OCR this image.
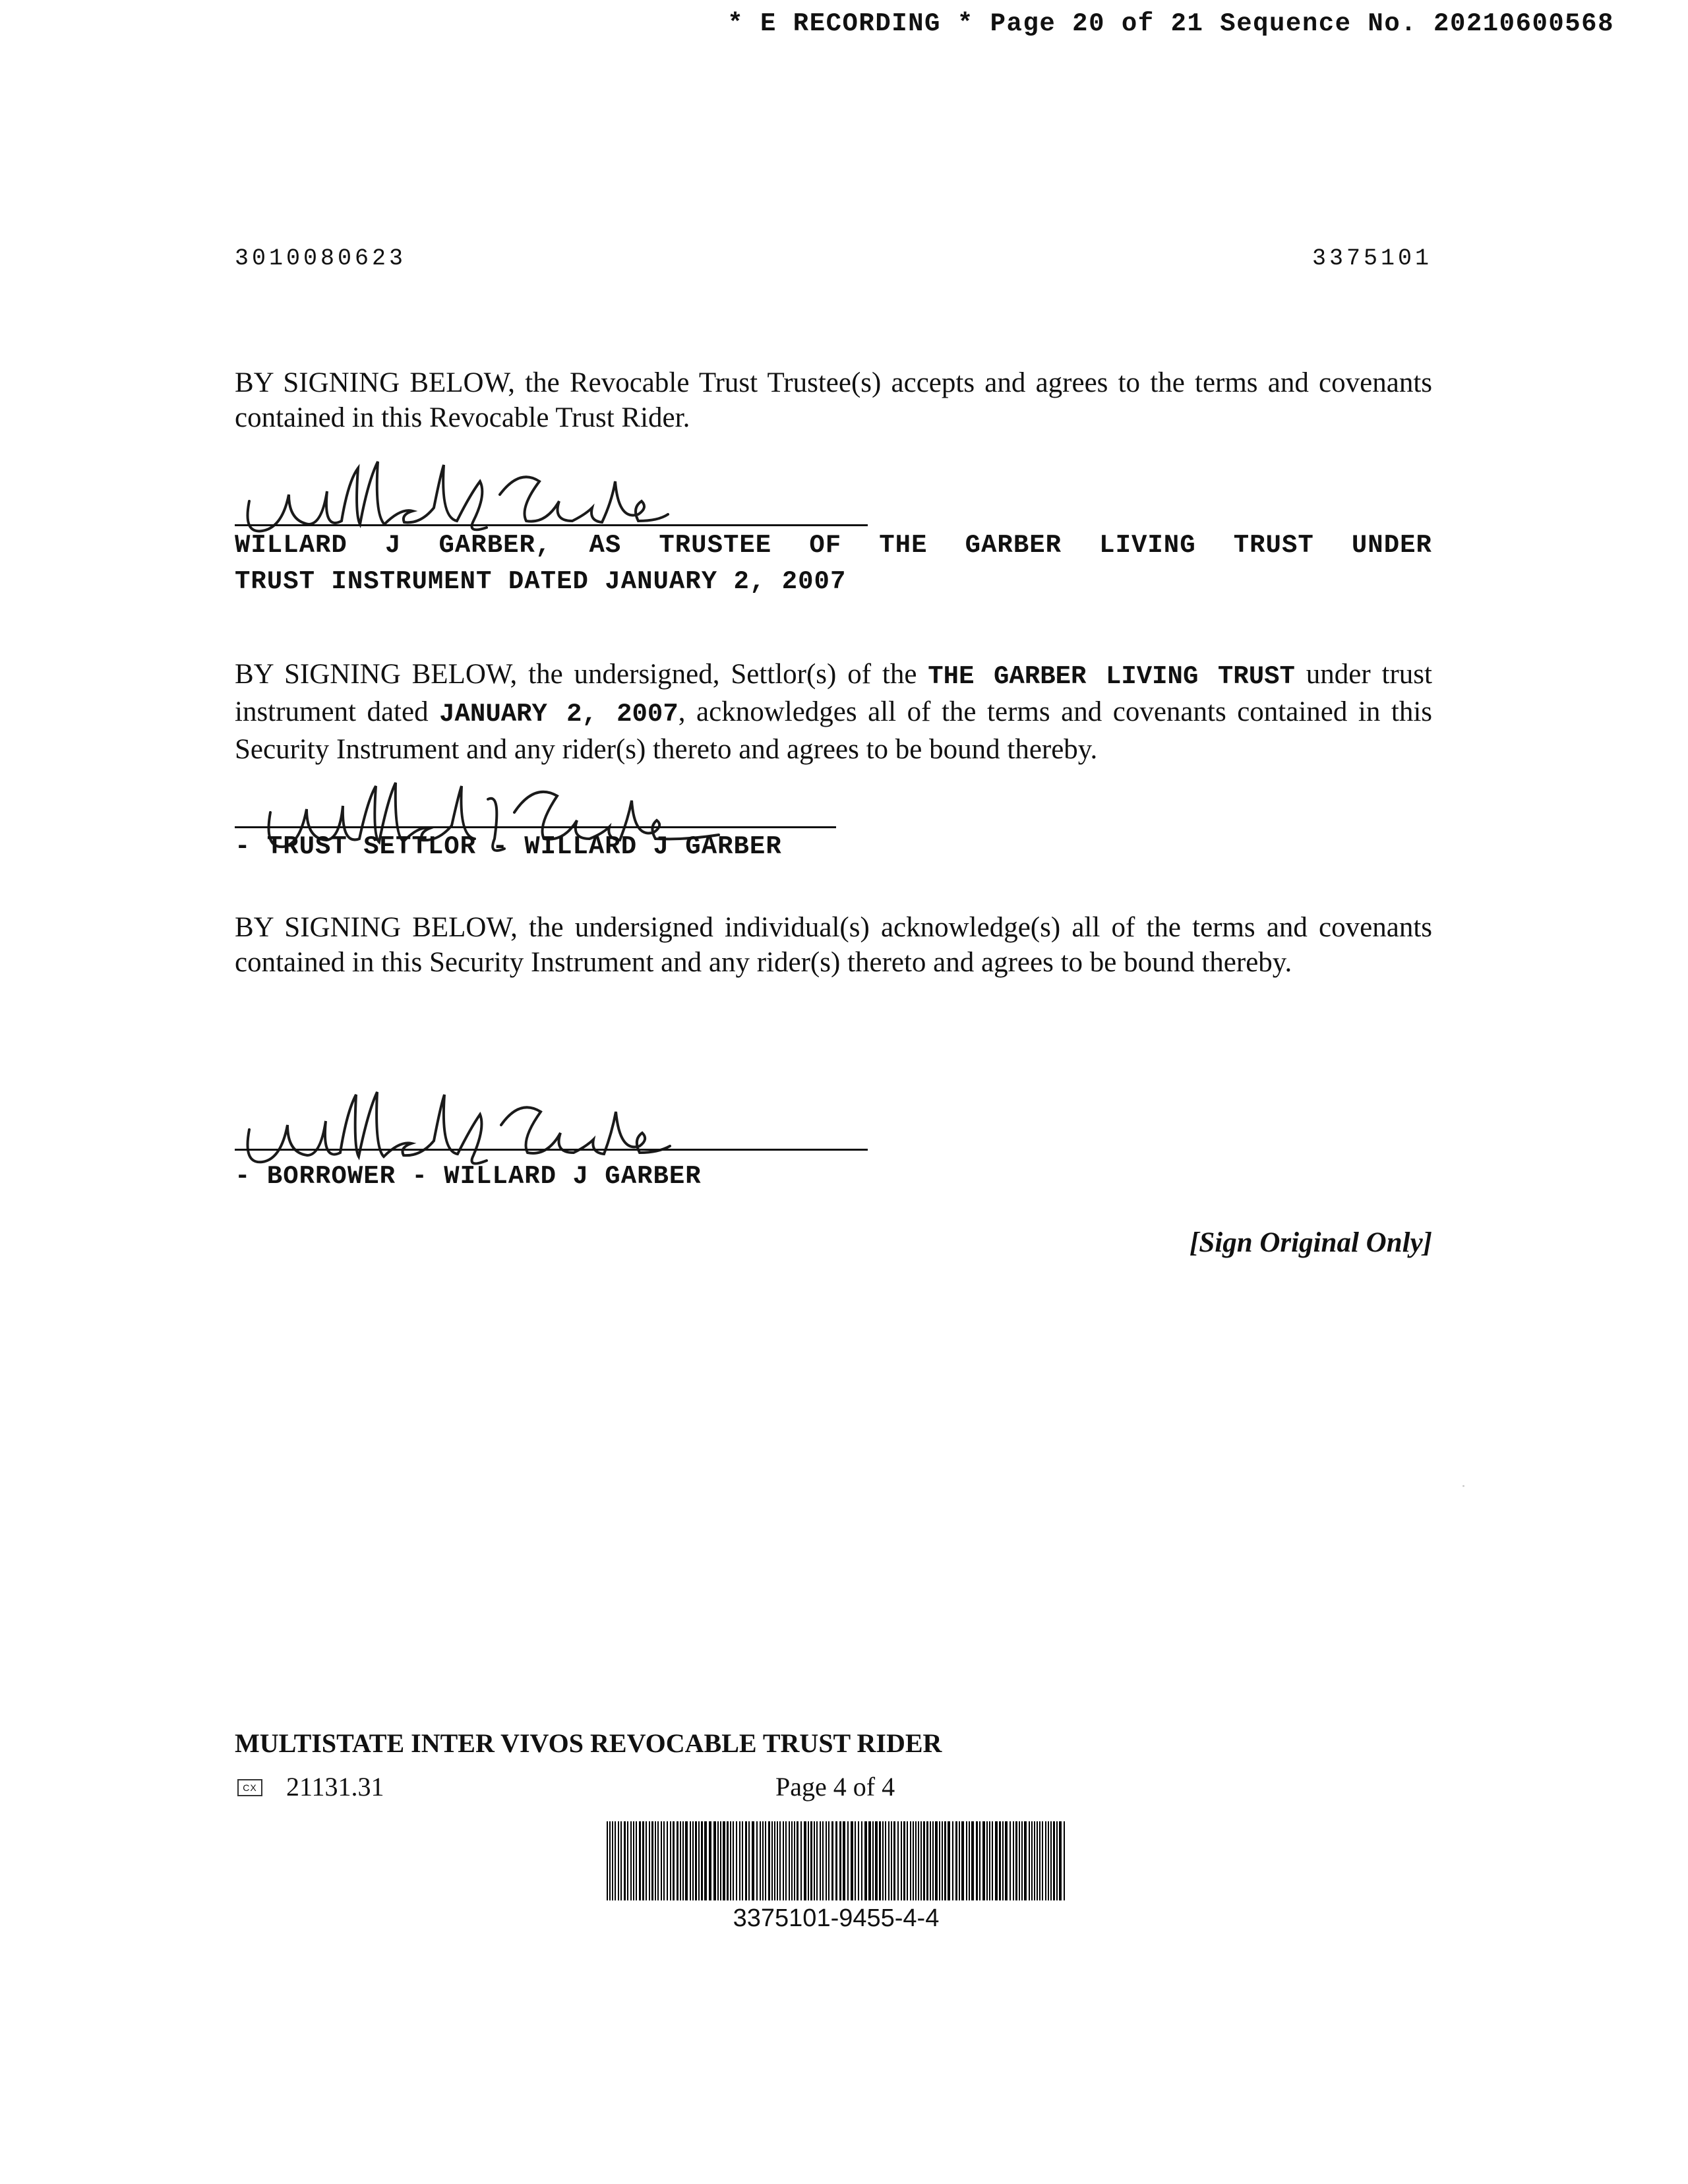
* E RECORDING * Page 20 of 21 Sequence No. 20210600568
3010080623	3375101
BY SIGNING BELOW, the Revocable Trust Trustee(s) accepts and agrees to the terms and covenants contained in this Revocable Trust Rider.
WILLARD J GARBER, AS TRUSTEE OF THE GARBER LIVING TRUST UNDER
TRUST INSTRUMENT DATED JANUARY 2, 2007
BY SIGNING BELOW, the undersigned, Settlor(s) of the THE GARBER LIVING TRUST under trust instrument dated JANUARY 2, 2007, acknowledges all of the terms and covenants contained in this Security Instrument and any rider(s) thereto and agrees to be bound thereby.
- TRUST SETTLOR - WILLARD J GARBER
BY SIGNING BELOW, the undersigned individual(s) acknowledge(s) all of the terms and covenants contained in this Security Instrument and any rider(s) thereto and agrees to be bound thereby.
- BORROWER - WILLARD J GARBER
[Sign Original Only]
MULTISTATE INTER VIVOS REVOCABLE TRUST RIDER
CX 21131.31	Page 4 of 4
3375101-9455-4-4
